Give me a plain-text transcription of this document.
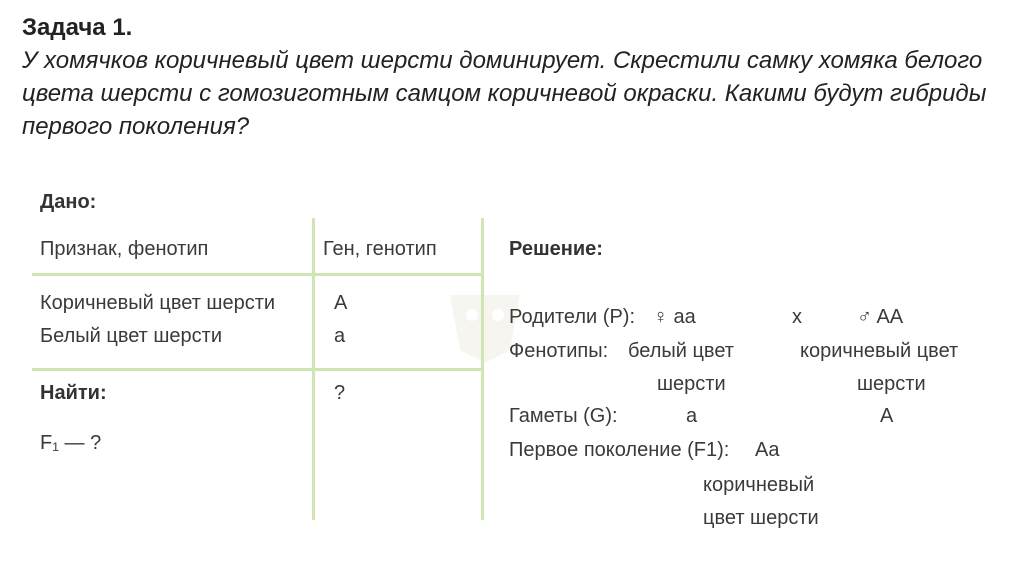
Задача 1.
У хомячков коричневый цвет шерсти доминирует. Скрестили самку хомяка белого цвета шерсти с гомозиготным самцом коричневой окраски. Какими будут гибриды первого поколения?
Дано:
Признак, фенотип	Ген, генотип
Коричневый цвет шерсти	A
Белый цвет шерсти	a
Найти:	?
F₁ — ?
Решение:
Родители (P): ♀ aa	x	♂ AA
Фенотипы: белый цвет
шерсти
коричневый цвет
шерсти
Гаметы (G):	a	A
Первое поколение (F1): Aa
коричневый
цвет шерсти
